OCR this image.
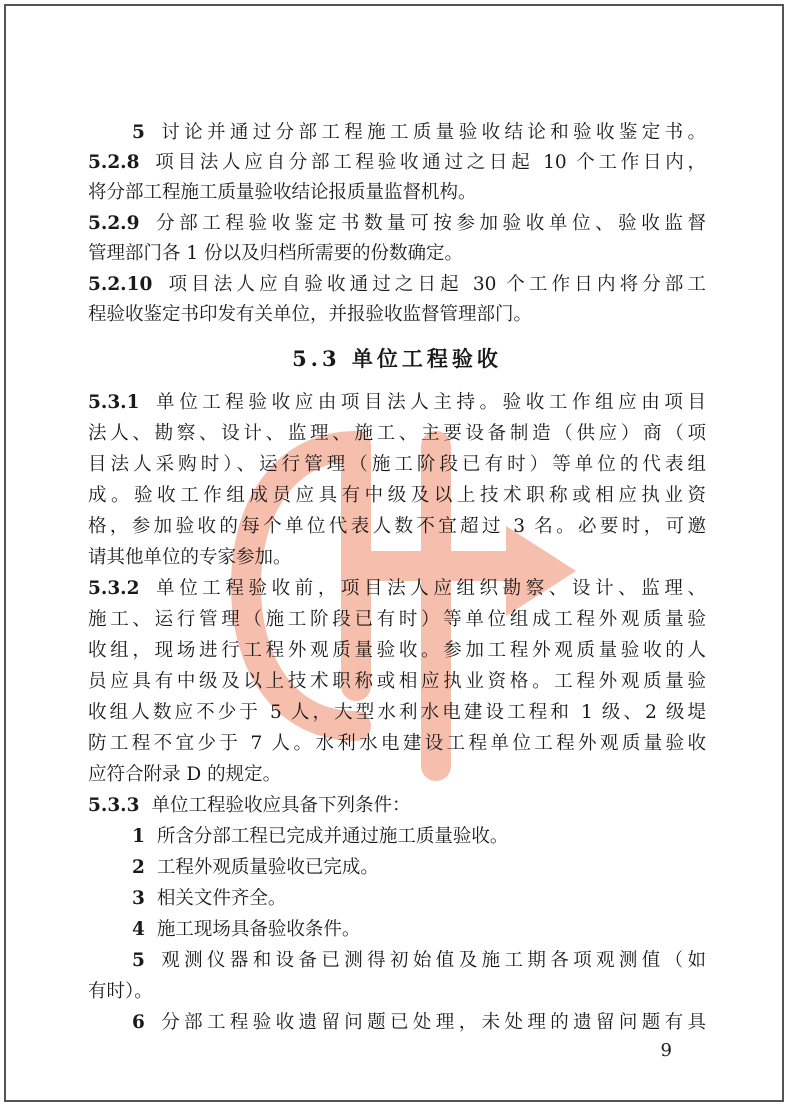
5 讨论并通过分部工程施工质量验收结论和验收鉴定书。
5.2.8 项目法人应自分部工程验收通过之日起 10 个工作日内，
将分部工程施工质量验收结论报质量监督机构。
5.2.9 分部工程验收鉴定书数量可按参加验收单位、验收监督
管理部门各 1 份以及归档所需要的份数确定。
5.2.10 项目法人应自验收通过之日起 30 个工作日内将分部工
程验收鉴定书印发有关单位，并报验收监督管理部门。
5.3 单位工程验收
5.3.1 单位工程验收应由项目法人主持。验收工作组应由项目
法人、勘察、设计、监理、施工、主要设备制造（供应）商（项
目法人采购时）、运行管理（施工阶段已有时）等单位的代表组
成。验收工作组成员应具有中级及以上技术职称或相应执业资
格，参加验收的每个单位代表人数不宜超过 3 名。必要时，可邀
请其他单位的专家参加。
5.3.2 单位工程验收前，项目法人应组织勘察、设计、监理、
施工、运行管理（施工阶段已有时）等单位组成工程外观质量验
收组，现场进行工程外观质量验收。参加工程外观质量验收的人
员应具有中级及以上技术职称或相应执业资格。工程外观质量验
收组人数应不少于 5 人，大型水利水电建设工程和 1 级、2 级堤
防工程不宜少于 7 人。水利水电建设工程单位工程外观质量验收
应符合附录 D 的规定。
5.3.3 单位工程验收应具备下列条件：
1 所含分部工程已完成并通过施工质量验收。
2 工程外观质量验收已完成。
3 相关文件齐全。
4 施工现场具备验收条件。
5 观测仪器和设备已测得初始值及施工期各项观测值（如
有时）。
6 分部工程验收遗留问题已处理，未处理的遗留问题有具
9
